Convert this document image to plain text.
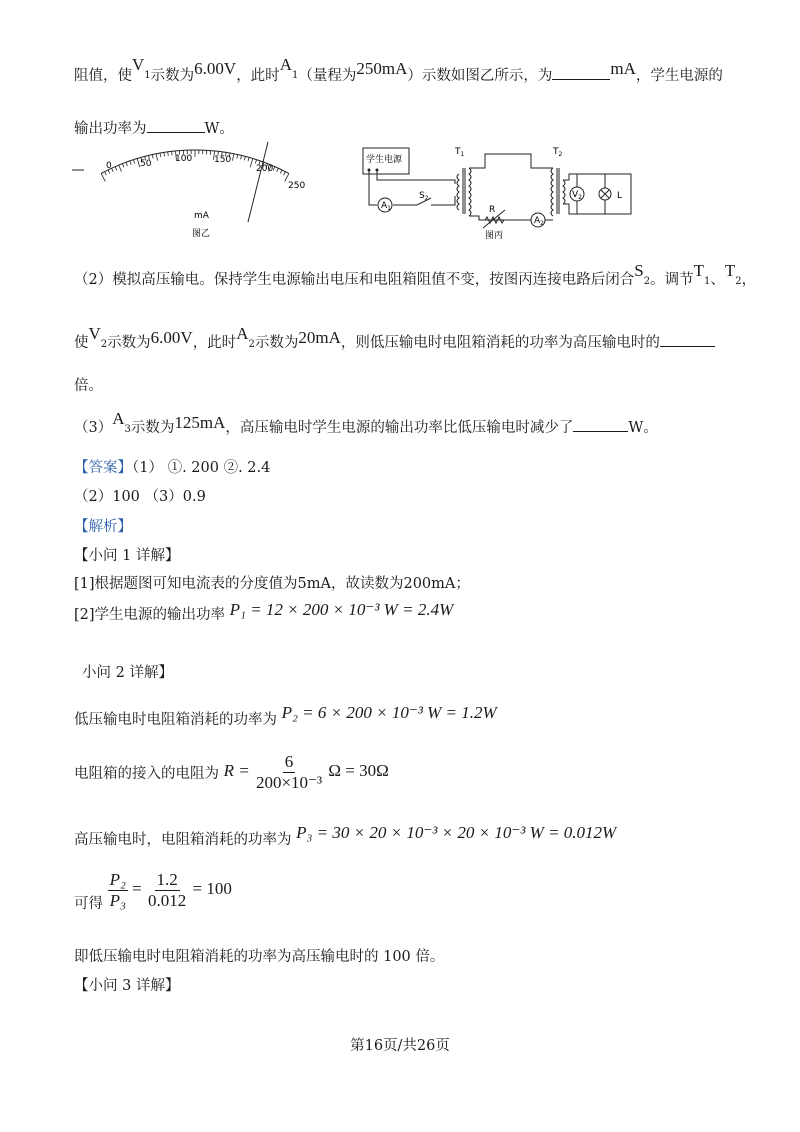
阻值，使$V_1$示数为6.00V，此时$A_1$（量程为250mA）示数如图乙所示，为	mA，学生电源的
输出功率为	W。
0	50	100 150
200
250
mA
图乙
学生电源
$A_1$
$S_2$
$T_1$
R
$A_2$
$T_2$
$V_2$	L
图丙
（2）模拟高压输电。保持学生电源输出电压和电阻箱阻值不变，按图丙连接电路后闭合$S_2$。调节$T_1$、$T_2$，
使$V_2$示数为6.00V，此时$A_2$示数为20mA，则低压输电时电阻箱消耗的功率为高压输电时的
倍。
$(3)A_3$示数为125mA，高压输电时学生电源的输出功率比低压输电时减少了	W。
【答案】（1） ①. 200 ②. 2.4
（2）100 （3）0.9
【解析】
【小问 1 详解】
[1]根据题图可知电流表的分度值为5mA，故读数为200mA；
[2]学生电源的输出功率 P₁ = 12 × 200 × 10⁻³ W = 2.4W
小问 2 详解】
低压输电时电阻箱消耗的功率为 P₂ = 6 × 200 × 10⁻³ W = 1.2W
电阻箱的接入的电阻为 $R = \frac{6}{\text{200×10⁻³}}$ Ω = 30Ω
高压输电时，电阻箱消耗的功率为 P₃ = 30 × 20 × 10⁻³ × 20 × 10⁻³ W = 0.012W
可得 $\frac{\text{P₂}}{\text{P₃}} = \frac{1.2}{0.012} = 100$
即低压输电时电阻箱消耗的功率为高压输电时的 100 倍。
【小问 3 详解】
第16页/共26页
